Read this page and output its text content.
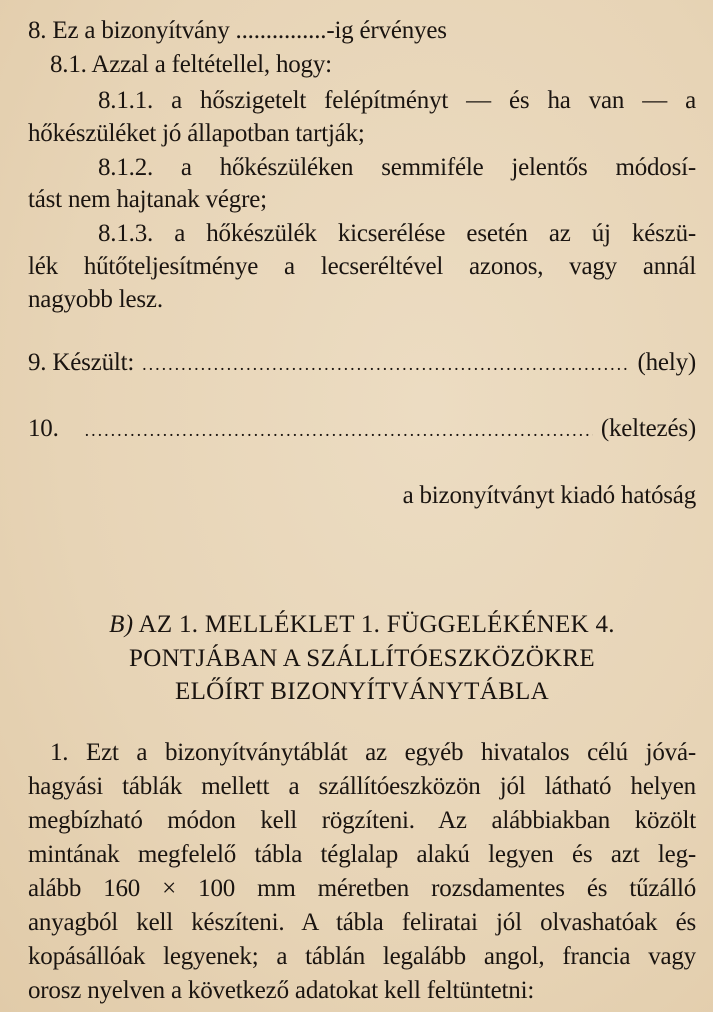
8. Ez a bizonyítvány ...............-ig érvényes
8.1. Azzal a feltétellel, hogy:
8.1.1. a hőszigetelt felépítményt — és ha van — a
hőkészüléket jó állapotban tartják;
8.1.2. a hőkészüléken semmiféle jelentős módosí-
tást nem hajtanak végre;
8.1.3. a hőkészülék kicserélése esetén az új készü-
lék hűtőteljesítménye a lecseréltével azonos, vagy annál
nagyobb lesz.
9. Készült: .....	(hely)
10. .....	(keltezés)
a bizonyítványt kiadó hatóság
B) AZ 1. MELLÉKLET 1. FÜGGELÉKÉNEK 4.
PONTJÁBAN A SZÁLLÍTÓESZKÖZÖKRE
ELŐÍRT BIZONYÍTVÁNYTÁBLA
1. Ezt a bizonyítványtáblát az egyéb hivatalos célú jóvá-
hagyási táblák mellett a szállítóeszközön jól látható helyen
megbízható módon kell rögzíteni. Az alábbiakban közölt
mintának megfelelő tábla téglalap alakú legyen és azt leg-
alább 160 × 100 mm méretben rozsdamentes és tűzálló
anyagból kell készíteni. A tábla feliratai jól olvashatóak és
kopásállóak legyenek; a táblán legalább angol, francia vagy
orosz nyelven a következő adatokat kell feltüntetni:
